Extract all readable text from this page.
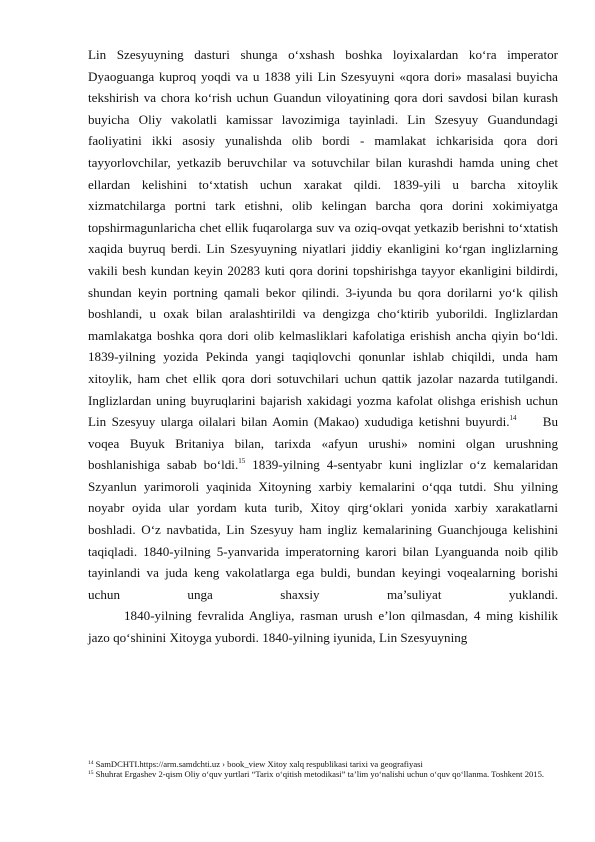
Lin Szesyuyning dasturi shunga o‘xshash boshka loyixalardan ko‘ra imperator Dyaoguanga kuproq yoqdi va u 1838 yili Lin Szesyuyni «qora dori» masalasi buyicha tekshirish va chora ko‘rish uchun Guandun viloyatining qora dori savdosi bilan kurash buyicha Oliy vakolatli kamissar lavozimiga tayinladi. Lin Szesyuy Guandundagi faoliyatini ikki asosiy yunalishda olib bordi - mamlakat ichkarisida qora dori tayyorlovchilar, yetkazib beruvchilar va sotuvchilar bilan kurashdi hamda uning chet ellardan kelishini to‘xtatish uchun xarakat qildi. 1839-yili u barcha xitoylik xizmatchilarga portni tark etishni, olib kelingan barcha qora dorini xokimiyatga topshirmagunlaricha chet ellik fuqarolarga suv va oziq-ovqat yetkazib berishni to‘xtatish xaqida buyruq berdi. Lin Szesyuyning niyatlari jiddiy ekanligini ko‘rgan inglizlarning vakili besh kundan keyin 20283 kuti qora dorini topshirishga tayyor ekanligini bildirdi, shundan keyin portning qamali bekor qilindi. 3-iyunda bu qora dorilarni yo‘k qilish boshlandi, u oxak bilan aralashtirildi va dengizga cho‘ktirib yuborildi. Inglizlardan mamlakatga boshka qora dori olib kelmasliklari kafolatiga erishish ancha qiyin bo‘ldi. 1839-yilning yozida Pekinda yangi taqiqlovchi qonunlar ishlab chiqildi, unda ham xitoylik, ham chet ellik qora dori sotuvchilari uchun qattik jazolar nazarda tutilgandi. Inglizlardan uning buyruqlarini bajarish xakidagi yozma kafolat olishga erishish uchun Lin Szesyuy ularga oilalari bilan Aomin (Makao) xududiga ketishni buyurdi.$^{14}$   Bu voqea Buyuk Britaniya bilan, tarixda «afyun urushi» nomini olgan urushning boshlanishiga sabab bo‘ldi.$^{15}$ 1839-yilning 4-sentyabr kuni inglizlar o‘z kemalaridan Szyanlun yarimoroli yaqinida Xitoyning xarbiy kemalarini o‘qqa tutdi. Shu yilning noyabr oyida ular yordam kuta turib, Xitoy qirg‘oklari yonida xarbiy xarakatlarni boshladi. O‘z navbatida, Lin Szesyuy ham ingliz kemalarining Guanchjouga kelishini taqiqladi. 1840-yilning 5-yanvarida imperatorning karori bilan Lyanguanda noib qilib tayinlandi va juda keng vakolatlarga ega buldi, bundan keyingi voqealarning borishi uchun unga shaxsiy ma’suliyat yuklandi.

1840-yilning fevralida Angliya, rasman urush e’lon qilmasdan, 4 ming kishilik jazo qo‘shinini Xitoyga yubordi. 1840-yilning iyunida, Lin Szesyuyning

$^{14}$ SamDCHTI.https://arm.samdchti.uz › book_view Xitoy xalq respublikasi tarixi va geografiyasi

$^{15}$ Shuhrat Ergashev 2-qism Oliy o‘quv yurtlari “Tarix o‘qitish metodikasi” ta’lim yo‘nalishi uchun o‘quv qo‘llanma. Toshkent 2015.
